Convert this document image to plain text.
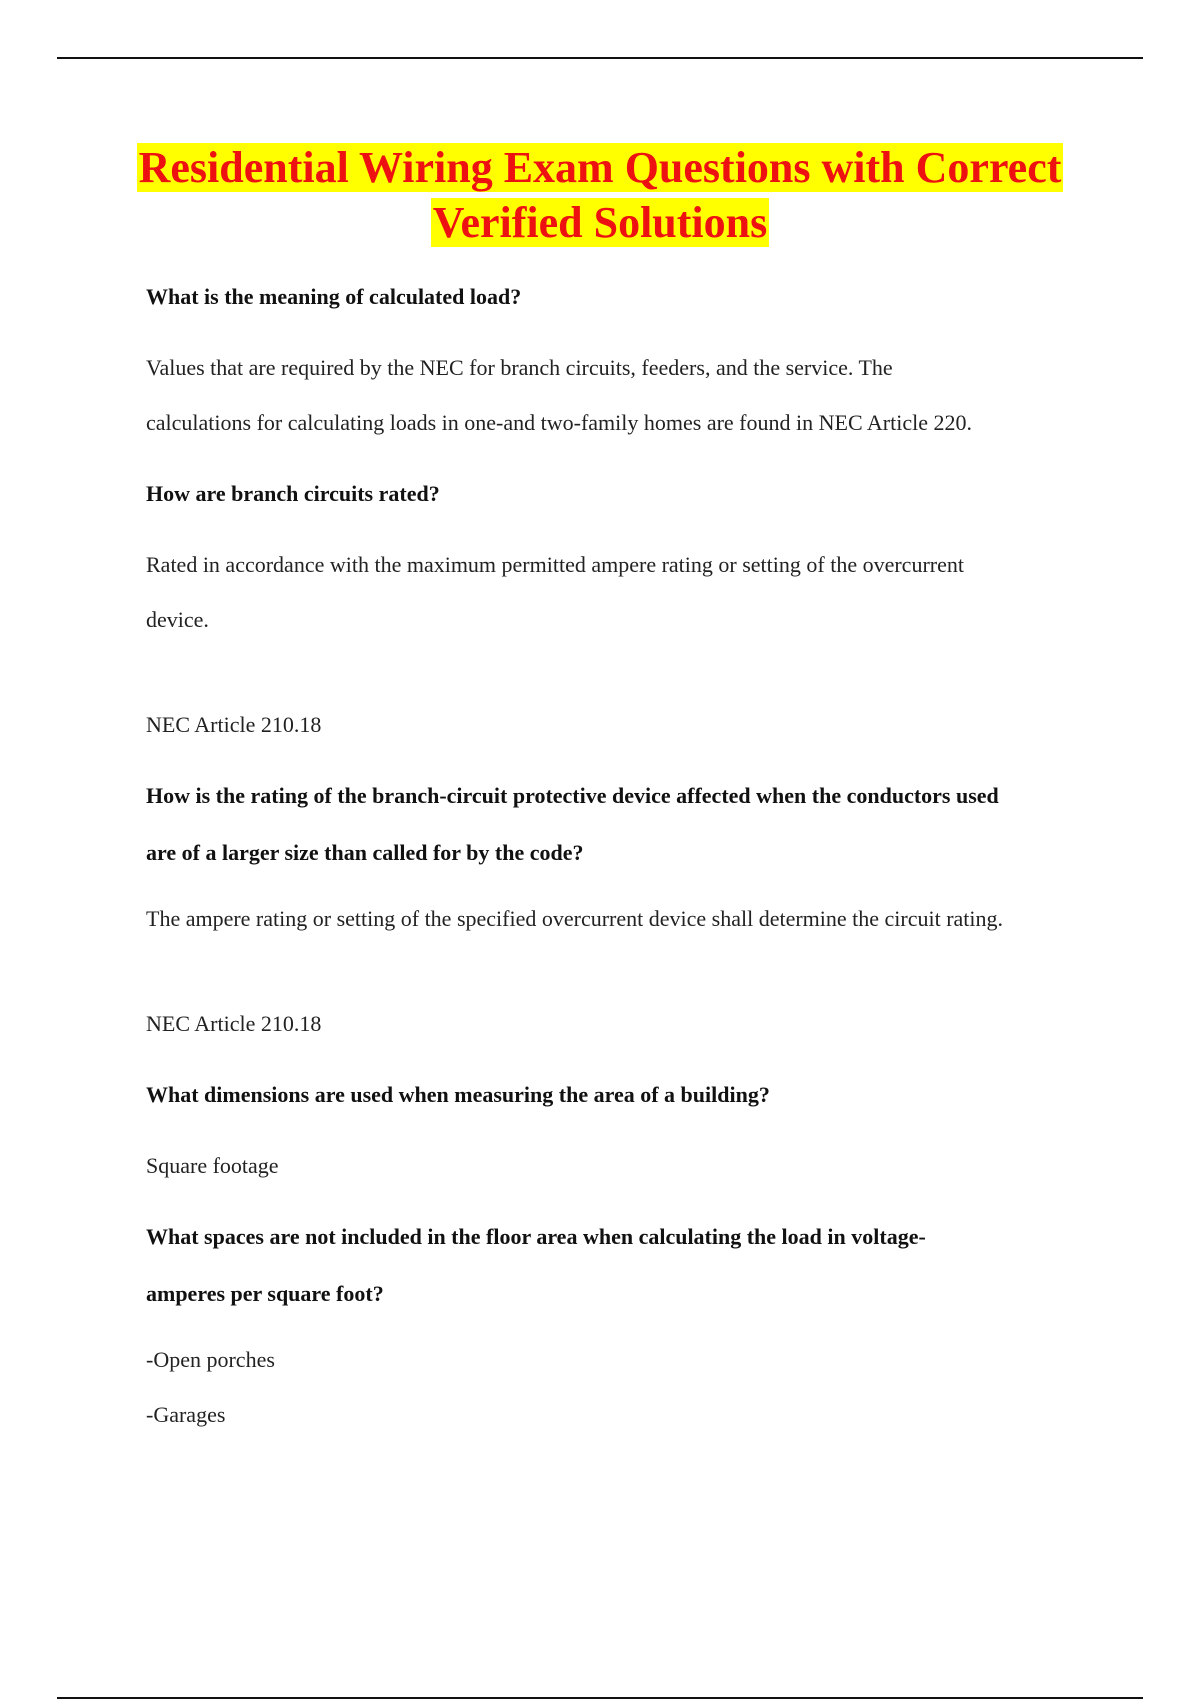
Residential Wiring Exam Questions with Correct
Verified Solutions

What is the meaning of calculated load?

Values that are required by the NEC for branch circuits, feeders, and the service. The

calculations for calculating loads in one-and two-family homes are found in NEC Article 220.

How are branch circuits rated?

Rated in accordance with the maximum permitted ampere rating or setting of the overcurrent

device.

NEC Article 210.18

How is the rating of the branch-circuit protective device affected when the conductors used

are of a larger size than called for by the code?

The ampere rating or setting of the specified overcurrent device shall determine the circuit rating.

NEC Article 210.18

What dimensions are used when measuring the area of a building?

Square footage

What spaces are not included in the floor area when calculating the load in voltage-

amperes per square foot?

-Open porches

-Garages
